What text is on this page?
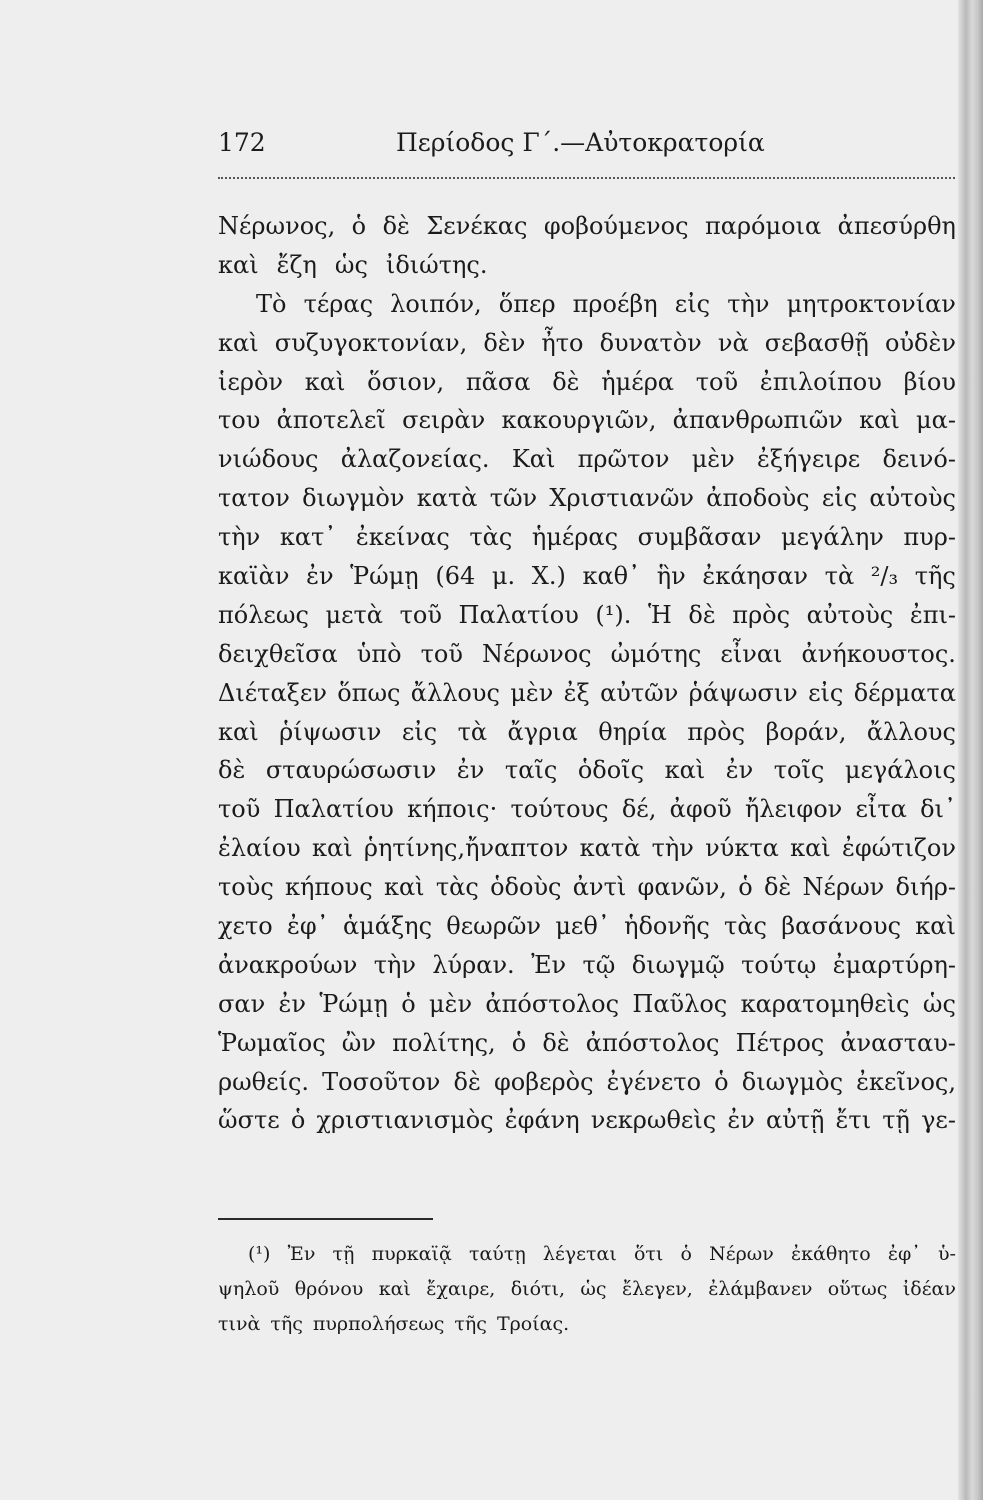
172	Περίοδος Γ΄.—Αὐτοκρατορία
Νέρωνος, ὁ δὲ Σενέκας φοβούμενος παρόμοια ἀπεσύρθη
καὶ ἔζη ὡς ἰδιώτης.
Τὸ τέρας λοιπόν, ὅπερ προέβη εἰς τὴν μητροκτονίαν
καὶ συζυγοκτονίαν, δὲν ἦτο δυνατὸν νὰ σεβασθῇ οὐδὲν
ἱερὸν καὶ ὅσιον, πᾶσα δὲ ἡμέρα τοῦ ἐπιλοίπου βίου
του ἀποτελεῖ σειρὰν κακουργιῶν, ἀπανθρωπιῶν καὶ μα-
νιώδους ἀλαζονείας. Καὶ πρῶτον μὲν ἐξήγειρε δεινό-
τατον διωγμὸν κατὰ τῶν Χριστιανῶν ἀποδοὺς εἰς αὐτοὺς
τὴν κατ᾿ ἐκείνας τὰς ἡμέρας συμβᾶσαν μεγάλην πυρ-
καϊὰν ἐν Ῥώμῃ (64 μ. Χ.) καθ᾿ ἣν ἐκάησαν τὰ ²/₃ τῆς
πόλεως μετὰ τοῦ Παλατίου (¹). Ἡ δὲ πρὸς αὐτοὺς ἐπι-
δειχθεῖσα ὑπὸ τοῦ Νέρωνος ὠμότης εἶναι ἀνήκουστος.
Διέταξεν ὅπως ἄλλους μὲν ἐξ αὐτῶν ῥάψωσιν εἰς δέρματα
καὶ ῥίψωσιν εἰς τὰ ἄγρια θηρία πρὸς βοράν, ἄλλους
δὲ σταυρώσωσιν ἐν ταῖς ὁδοῖς καὶ ἐν τοῖς μεγάλοις
τοῦ Παλατίου κήποις· τούτους δέ, ἀφοῦ ἤλειφον εἶτα δι᾿
ἐλαίου καὶ ῥητίνης,ἤναπτον κατὰ τὴν νύκτα καὶ ἐφώτιζον
τοὺς κήπους καὶ τὰς ὁδοὺς ἀντὶ φανῶν, ὁ δὲ Νέρων διήρ-
χετο ἐφ᾿ ἁμάξης θεωρῶν μεθ᾿ ἡδονῆς τὰς βασάνους καὶ
ἀνακρούων τὴν λύραν. Ἐν τῷ διωγμῷ τούτῳ ἐμαρτύρη-
σαν ἐν Ῥώμῃ ὁ μὲν ἀπόστολος Παῦλος καρατομηθεὶς ὡς
Ῥωμαῖος ὢν πολίτης, ὁ δὲ ἀπόστολος Πέτρος ἀνασταυ-
ρωθείς. Τοσοῦτον δὲ φοβερὸς ἐγένετο ὁ διωγμὸς ἐκεῖνος,
ὥστε ὁ χριστιανισμὸς ἐφάνη νεκρωθεὶς ἐν αὐτῇ ἔτι τῇ γε-
(¹) Ἐν τῇ πυρκαϊᾷ ταύτῃ λέγεται ὅτι ὁ Νέρων ἐκάθητο ἐφ᾿ ὑ-
ψηλοῦ θρόνου καὶ ἔχαιρε, διότι, ὡς ἔλεγεν, ἐλάμβανεν οὕτως ἰδέαν
τινὰ τῆς πυρπολήσεως τῆς Τροίας.
